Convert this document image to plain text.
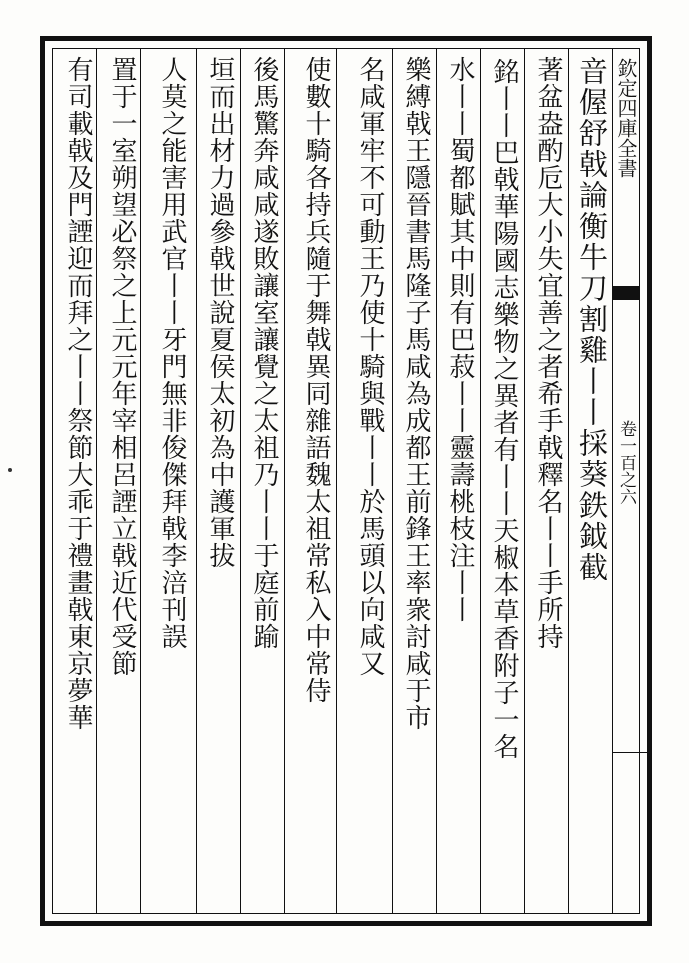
欽定四庫全書
卷一百之六
音偓舒戟論衡牛刀割雞丨丨採葵鉄鉞截
著盆盎酌卮大小失宜善之者希手戟釋名丨丨手所持
銘丨丨巴戟華陽國志樂物之異者有丨丨天椒本草香附子一名
水丨丨蜀都賦其中則有巴菽丨丨靈壽桃枝注丨丨
樂縛戟王隱晉書馬隆子馬咸為成都王前鋒王率衆討咸于市
名咸軍牢不可動王乃使十騎與戰丨丨於馬頭以向咸又
使數十騎各持兵隨于舞戟異同雜語魏太祖常私入中常侍
後馬驚奔咸咸遂敗讓室讓覺之太祖乃丨丨于庭前踰
垣而出材力過參戟世說夏侯太初為中護軍拔
人莫之能害用武官丨丨牙門無非俊傑拜戟李涪刊誤
置于一室朔望必祭之上元元年宰相呂諲立戟近代受節
有司載戟及門諲迎而拜之丨丨祭節大乖于禮畫戟東京夢華
